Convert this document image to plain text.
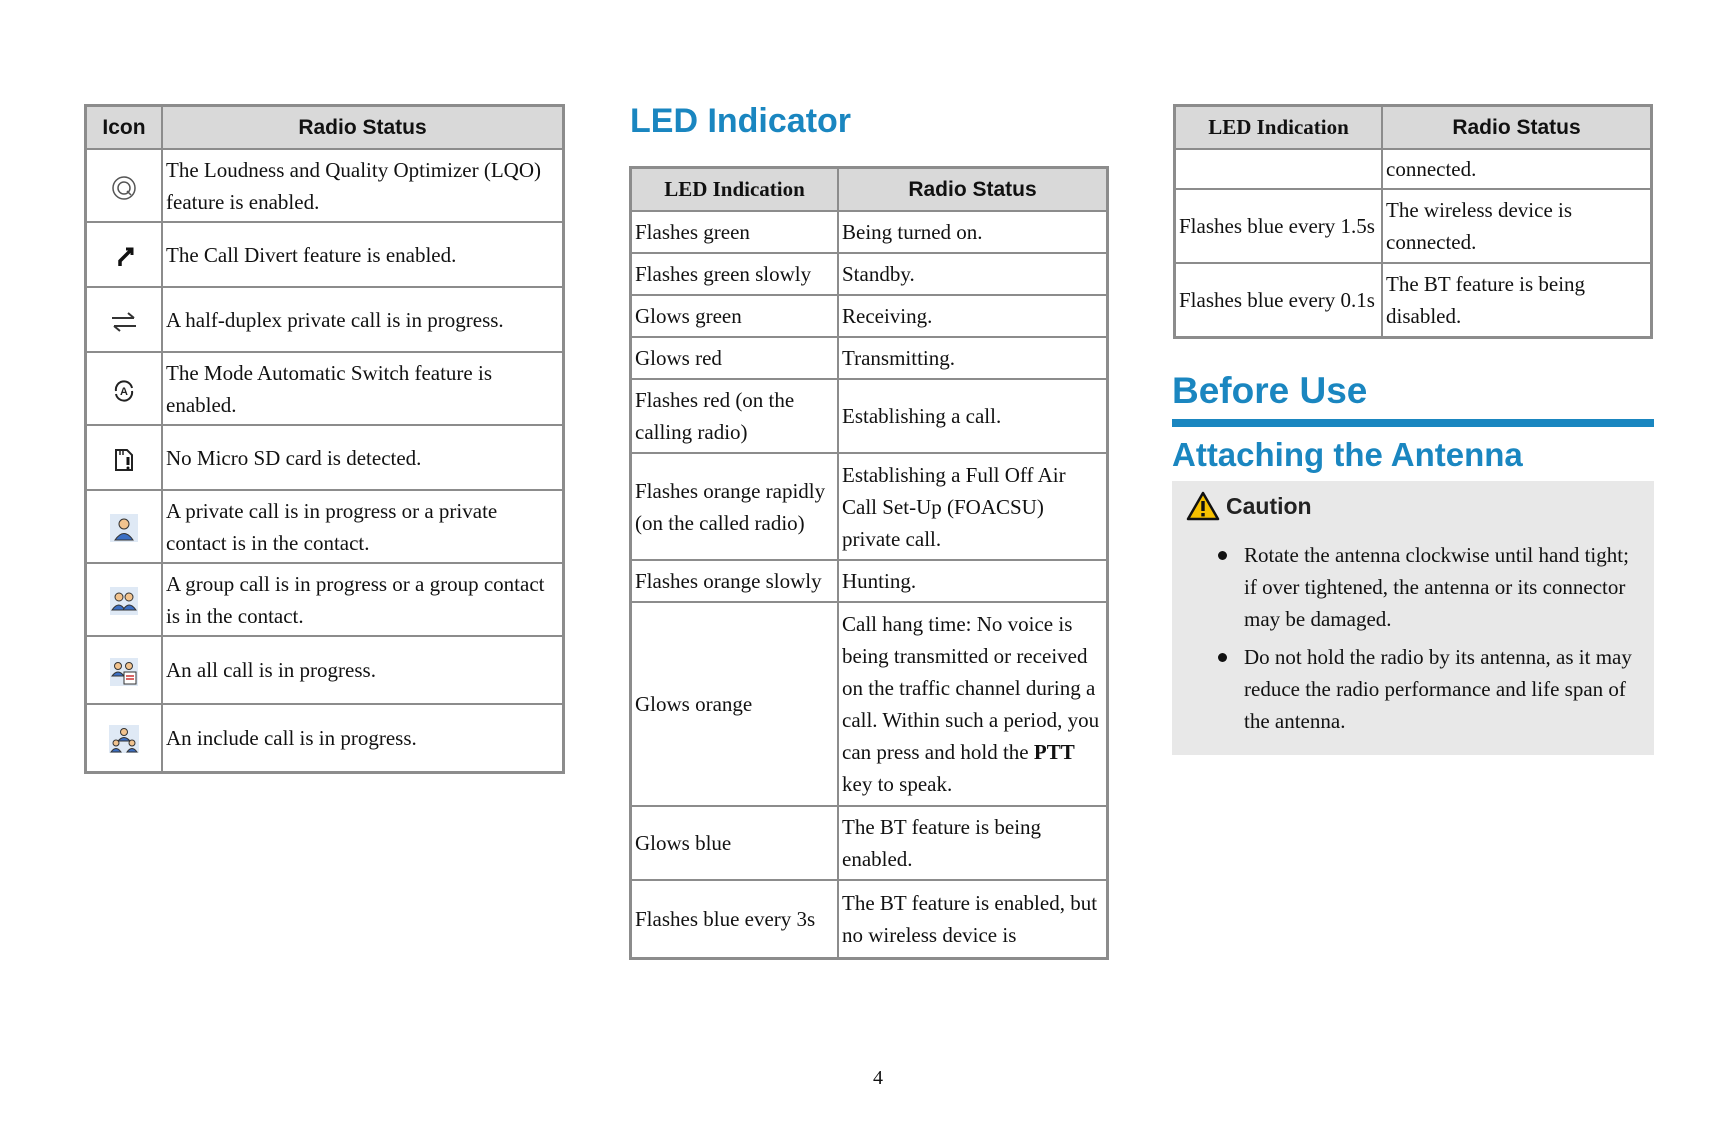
Icon	Radio Status
	The Loudness and Quality Optimizer (LQO) feature is enabled.
	The Call Divert feature is enabled.
	A half-duplex private call is in progress.

A	The Mode Automatic Switch feature is enabled.
	No Micro SD card is detected.
	A private call is in progress or a private contact is in the contact.
	A group call is in progress or a group contact is in the contact.
	An all call is in progress.
	An include call is in progress.
LED Indicator
LED Indication	Radio Status
Flashes green	Being turned on.
Flashes green slowly	Standby.
Glows green	Receiving.
Glows red	Transmitting.
Flashes red (on the calling radio)	Establishing a call.
Flashes orange rapidly (on the called radio)	Establishing a Full Off Air Call Set-Up (FOACSU) private call.
Flashes orange slowly	Hunting.
Glows orange	Call hang time: No voice is being transmitted or received on the traffic channel during a call. Within such a period, you can press and hold the PTT key to speak.
Glows blue	The BT feature is being enabled.
Flashes blue every 3s	The BT feature is enabled, but no wireless device is
LED Indication	Radio Status
	connected.
Flashes blue every 1.5s	The wireless device is connected.
Flashes blue every 0.1s	The BT feature is being disabled.
Before Use
Attaching the Antenna
Caution
Rotate the antenna clockwise until hand tight; if over tightened, the antenna or its connector may be damaged.
Do not hold the radio by its antenna, as it may reduce the radio performance and life span of the antenna.
4
